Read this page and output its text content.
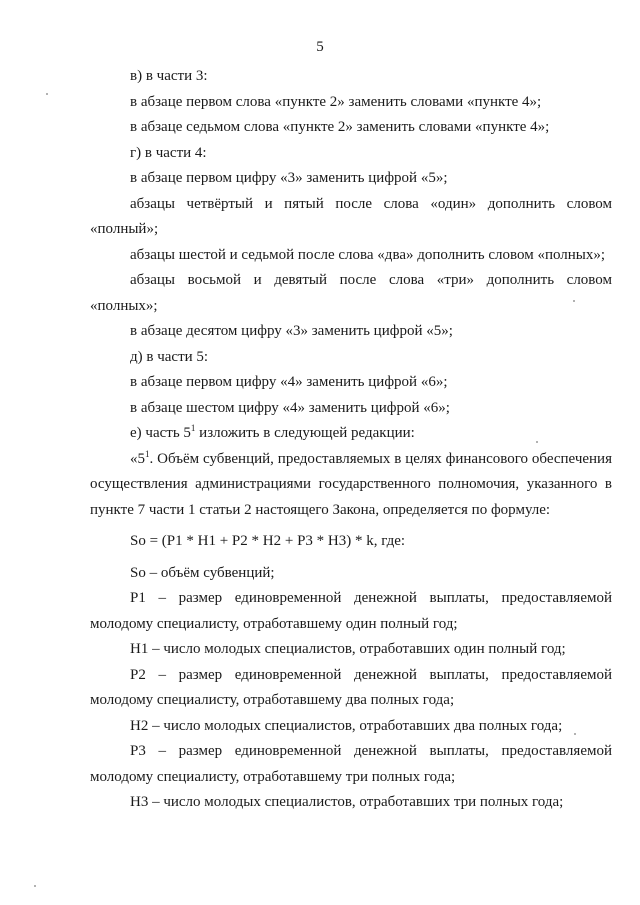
5

в) в части 3:

в абзаце первом слова «пункте 2» заменить словами «пункте 4»;

в абзаце седьмом слова «пункте 2» заменить словами «пункте 4»;

г) в части 4:

в абзаце первом цифру «3» заменить цифрой «5»;

абзацы четвёртый и пятый после слова «один» дополнить словом «полный»;

абзацы шестой и седьмой после слова «два» дополнить словом «полных»;

абзацы восьмой и девятый после слова «три» дополнить словом «полных»;

в абзаце десятом цифру «3» заменить цифрой «5»;

д) в части 5:

в абзаце первом цифру «4» заменить цифрой «6»;

в абзаце шестом цифру «4» заменить цифрой «6»;

е) часть $5^1$ изложить в следующей редакции:

«$5^1$. Объём субвенций, предоставляемых в целях финансового обеспечения осуществления администрациями государственного полномочия, указанного в пункте 7 части 1 статьи 2 настоящего Закона, определяется по формуле:

So = (P1 * H1 + P2 * H2 + P3 * H3) * k, где:

So – объём субвенций;

P1 – размер единовременной денежной выплаты, предоставляемой молодому специалисту, отработавшему один полный год;

H1 – число молодых специалистов, отработавших один полный год;

P2 – размер единовременной денежной выплаты, предоставляемой молодому специалисту, отработавшему два полных года;

H2 – число молодых специалистов, отработавших два полных года;

P3 – размер единовременной денежной выплаты, предоставляемой молодому специалисту, отработавшему три полных года;

H3 – число молодых специалистов, отработавших три полных года;
